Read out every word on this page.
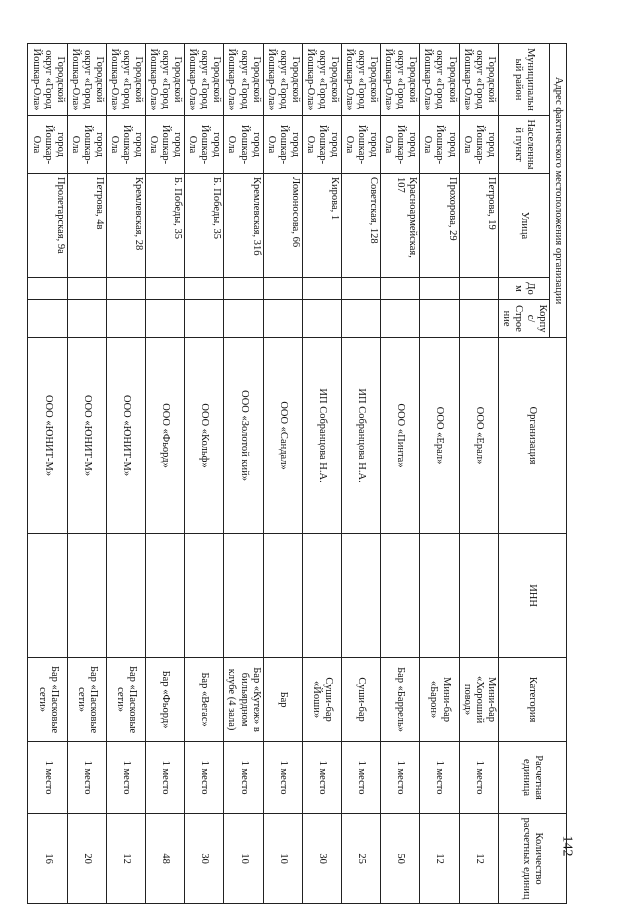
142
Адрес фактического местоположения организации					Организация	ИНН	Категория	Расчетная единица	Количество расчетных единиц
Муниципальный район	Населенный пункт	Улица	Дом	Корпус/ Строение					
Городской округ «Город Йошкар-Ола»	город Йошкар-Ола	Петрова, 19			ООО «Ерал»		Мини-бар «Хороший повод»	1 место	12
Городской округ «Город Йошкар-Ола»	город Йошкар-Ола	Прохорова, 29			ООО «Ерал»		Мини-бар «Барон»	1 место	12
Городской округ «Город Йошкар-Ола»	город Йошкар-Ола	Красноармейская, 107			ООО «Пинта»		Бар «Баррель»	1 место	50
Городской округ «Город Йошкар-Ола»	город Йошкар-Ола	Советская, 128			ИП Собранцова Н.А.		Суши-бар	1 место	25
Городской округ «Город Йошкар-Ола»	город Йошкар-Ола	Кирова, 1			ИП Собранцова Н.А.		Суши-бар «Йоши»	1 место	30
Городской округ «Город Йошкар-Ола»	город Йошкар-Ола	Ломоносова, 66			ООО «Сандал»		Бар	1 место	10
Городской округ «Город Йошкар-Ола»	город Йошкар-Ола	Кремлевская, 31б			ООО «Золотой кий»		Бар «Кутеж» в бильярдном клубе (4 зала)	1 место	10
Городской округ «Город Йошкар-Ола»	город Йошкар-Ола	Б. Победы, 35			ООО «Кольф»		Бар «Вегас»	1 место	30
Городской округ «Город Йошкар-Ола»	город Йошкар-Ола	Б. Победы, 35			ООО «Фьорд»		Бар «Фьорд»	1 место	48
Городской округ «Город Йошкар-Ола»	город Йошкар-Ола	Кремлевская, 28			ООО «ЮНИТ-М»		Бар «Пасковые сети»	1 место	12
Городской округ «Город Йошкар-Ола»	город Йошкар-Ола	Петрова, 4в			ООО «ЮНИТ-М»		Бар «Пасковые сети»	1 место	20
Городской округ «Город Йошкар-Ола»	город Йошкар-Ола	Пролетарская, 9а			ООО «ЮНИТ-М»		Бар «Пасковые сети»	1 место	16
